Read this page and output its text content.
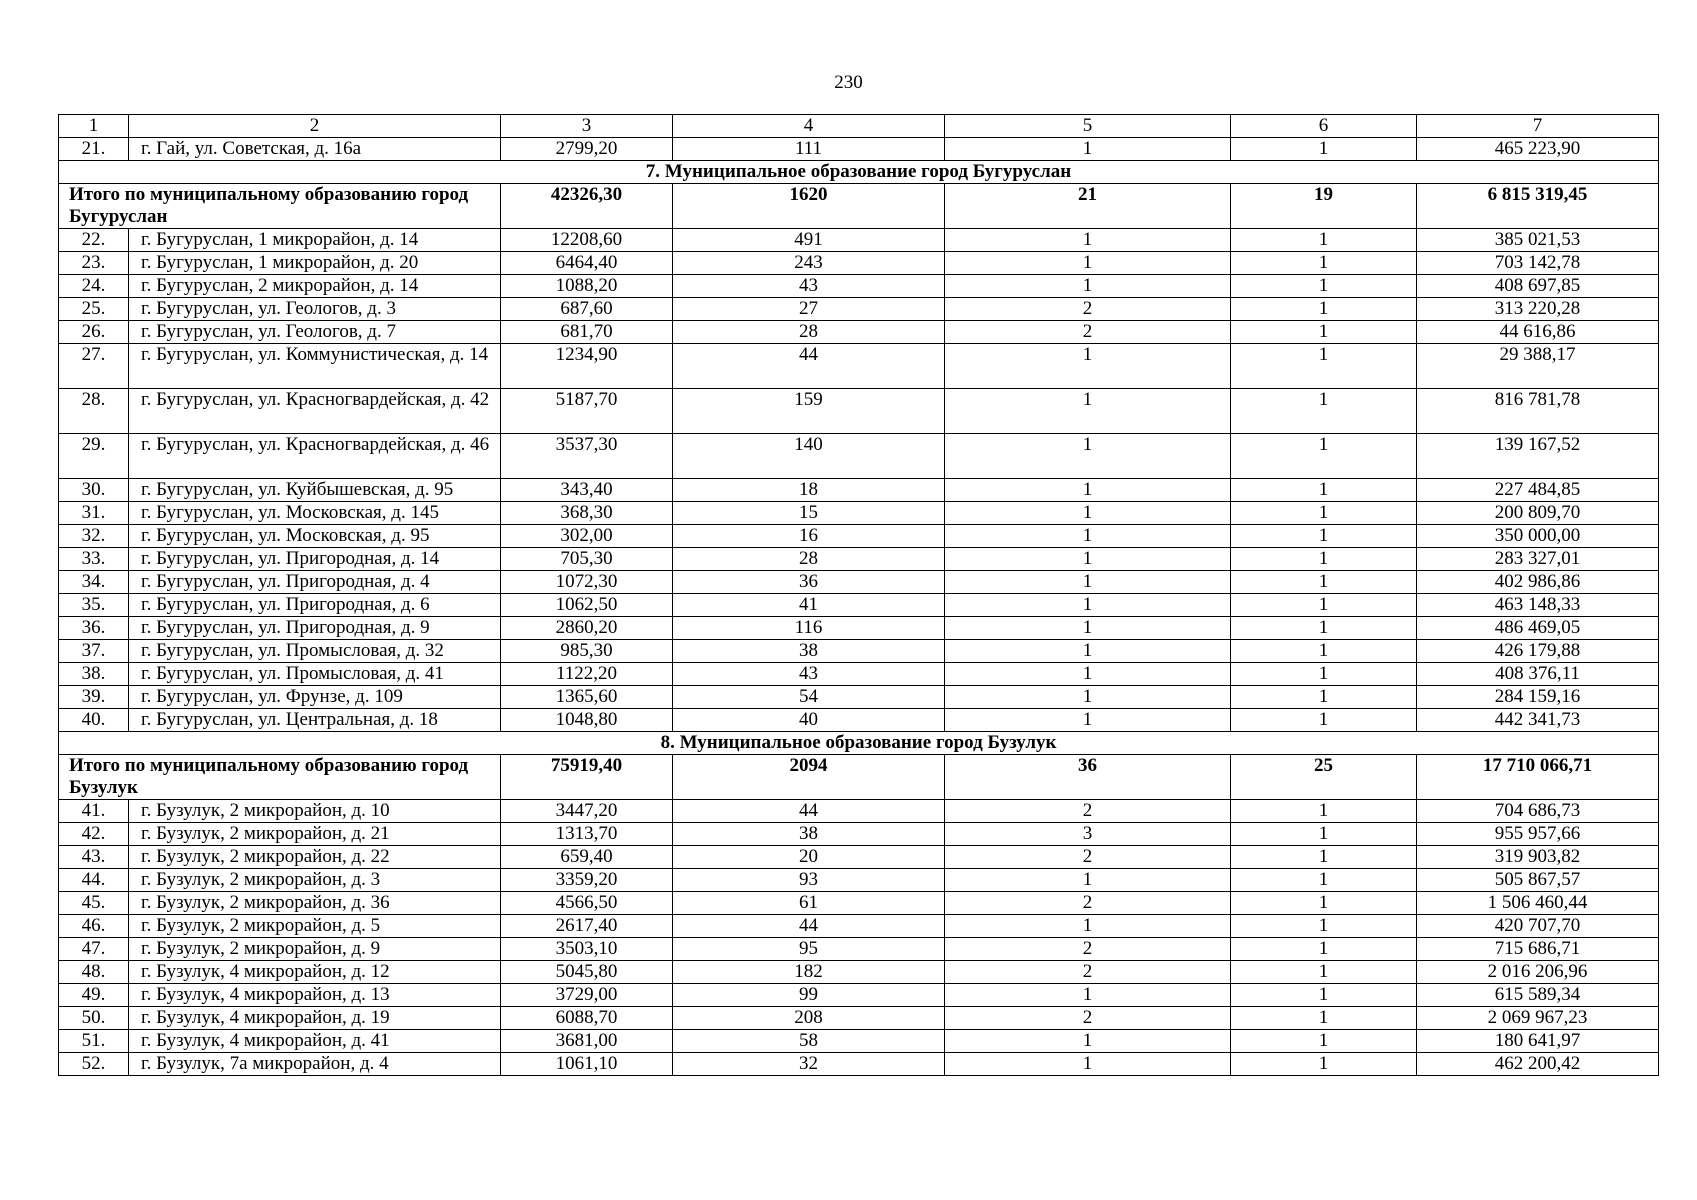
230
1	2	3	4	5	6	7
21.	г. Гай, ул. Советская, д. 16а	2799,20	111	1	1	465 223,90
7. Муниципальное образование город Бугуруслан						
Итого по муниципальному образованию город Бугуруслан		42326,30	1620	21	19	6 815 319,45
22.	г. Бугуруслан, 1 микрорайон, д. 14	12208,60	491	1	1	385 021,53
23.	г. Бугуруслан, 1 микрорайон, д. 20	6464,40	243	1	1	703 142,78
24.	г. Бугуруслан, 2 микрорайон, д. 14	1088,20	43	1	1	408 697,85
25.	г. Бугуруслан, ул. Геологов, д. 3	687,60	27	2	1	313 220,28
26.	г. Бугуруслан, ул. Геологов, д. 7	681,70	28	2	1	44 616,86
27.	г. Бугуруслан, ул. Коммунистическая, д. 14	1234,90	44	1	1	29 388,17
28.	г. Бугуруслан, ул. Красногвардейская, д. 42	5187,70	159	1	1	816 781,78
29.	г. Бугуруслан, ул. Красногвардейская, д. 46	3537,30	140	1	1	139 167,52
30.	г. Бугуруслан, ул. Куйбышевская, д. 95	343,40	18	1	1	227 484,85
31.	г. Бугуруслан, ул. Московская, д. 145	368,30	15	1	1	200 809,70
32.	г. Бугуруслан, ул. Московская, д. 95	302,00	16	1	1	350 000,00
33.	г. Бугуруслан, ул. Пригородная, д. 14	705,30	28	1	1	283 327,01
34.	г. Бугуруслан, ул. Пригородная, д. 4	1072,30	36	1	1	402 986,86
35.	г. Бугуруслан, ул. Пригородная, д. 6	1062,50	41	1	1	463 148,33
36.	г. Бугуруслан, ул. Пригородная, д. 9	2860,20	116	1	1	486 469,05
37.	г. Бугуруслан, ул. Промысловая, д. 32	985,30	38	1	1	426 179,88
38.	г. Бугуруслан, ул. Промысловая, д. 41	1122,20	43	1	1	408 376,11
39.	г. Бугуруслан, ул. Фрунзе, д. 109	1365,60	54	1	1	284 159,16
40.	г. Бугуруслан, ул. Центральная, д. 18	1048,80	40	1	1	442 341,73
8. Муниципальное образование город Бузулук						
Итого по муниципальному образованию город Бузулук		75919,40	2094	36	25	17 710 066,71
41.	г. Бузулук, 2 микрорайон, д. 10	3447,20	44	2	1	704 686,73
42.	г. Бузулук, 2 микрорайон, д. 21	1313,70	38	3	1	955 957,66
43.	г. Бузулук, 2 микрорайон, д. 22	659,40	20	2	1	319 903,82
44.	г. Бузулук, 2 микрорайон, д. 3	3359,20	93	1	1	505 867,57
45.	г. Бузулук, 2 микрорайон, д. 36	4566,50	61	2	1	1 506 460,44
46.	г. Бузулук, 2 микрорайон, д. 5	2617,40	44	1	1	420 707,70
47.	г. Бузулук, 2 микрорайон, д. 9	3503,10	95	2	1	715 686,71
48.	г. Бузулук, 4 микрорайон, д. 12	5045,80	182	2	1	2 016 206,96
49.	г. Бузулук, 4 микрорайон, д. 13	3729,00	99	1	1	615 589,34
50.	г. Бузулук, 4 микрорайон, д. 19	6088,70	208	2	1	2 069 967,23
51.	г. Бузулук, 4 микрорайон, д. 41	3681,00	58	1	1	180 641,97
52.	г. Бузулук, 7а микрорайон, д. 4	1061,10	32	1	1	462 200,42
